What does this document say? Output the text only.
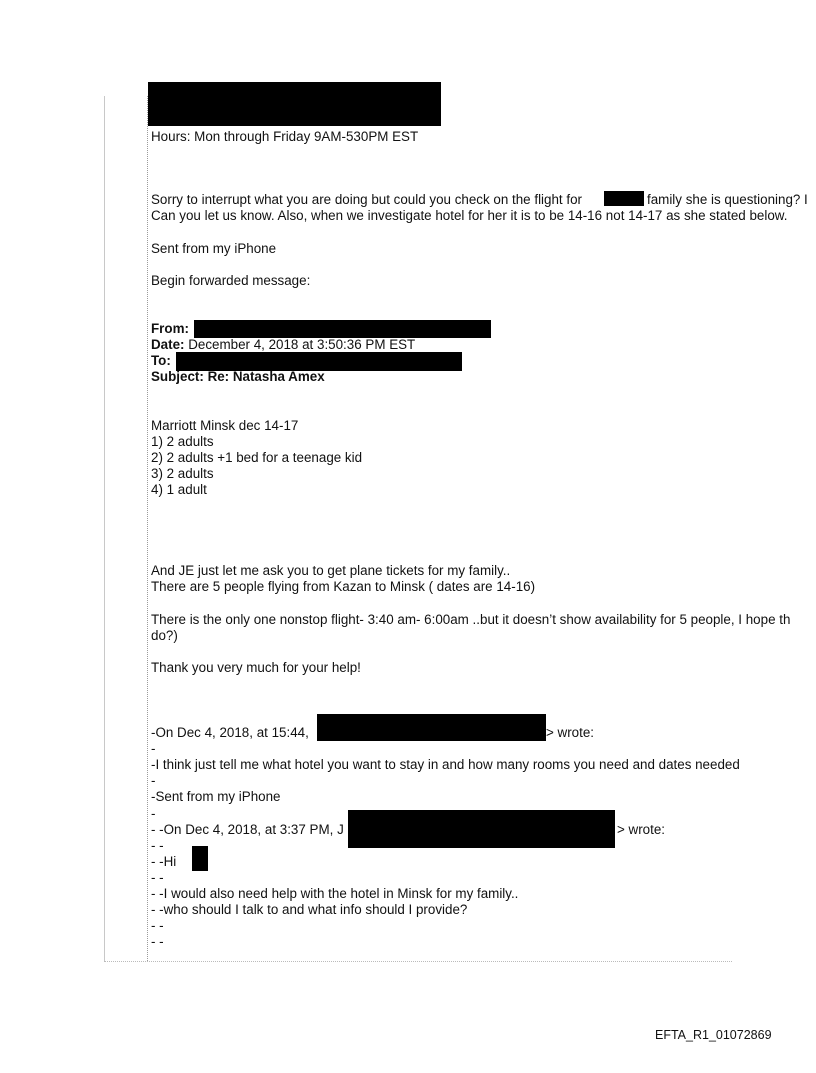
Hours: Mon through Friday 9AM-530PM EST
Sorry to interrupt what you are doing but could you check on the flight for	family she is questioning? I
Can you let us know. Also, when we investigate hotel for her it is to be 14-16 not 14-17 as she stated below.
Sent from my iPhone
Begin forwarded message:
From:
Date: December 4, 2018 at 3:50:36 PM EST
To:
Subject: Re: Natasha Amex
Marriott Minsk dec 14-17
1) 2 adults
2) 2 adults +1 bed for a teenage kid
3) 2 adults
4) 1 adult
And JE just let me ask you to get plane tickets for my family..
There are 5 people flying from Kazan to Minsk ( dates are 14-16)
There is the only one nonstop flight- 3:40 am- 6:00am ..but it doesn’t show availability for 5 people, I hope th
do?)
Thank you very much for your help!
-On Dec 4, 2018, at 15:44,	> wrote:
-
-I think just tell me what hotel you want to stay in and how many rooms you need and dates needed
-
-Sent from my iPhone
-
- -On Dec 4, 2018, at 3:37 PM, J	> wrote:
- -
- -Hi
- -
- -I would also need help with the hotel in Minsk for my family..
- -who should I talk to and what info should I provide?
- -
- -
EFTA_R1_01072869
